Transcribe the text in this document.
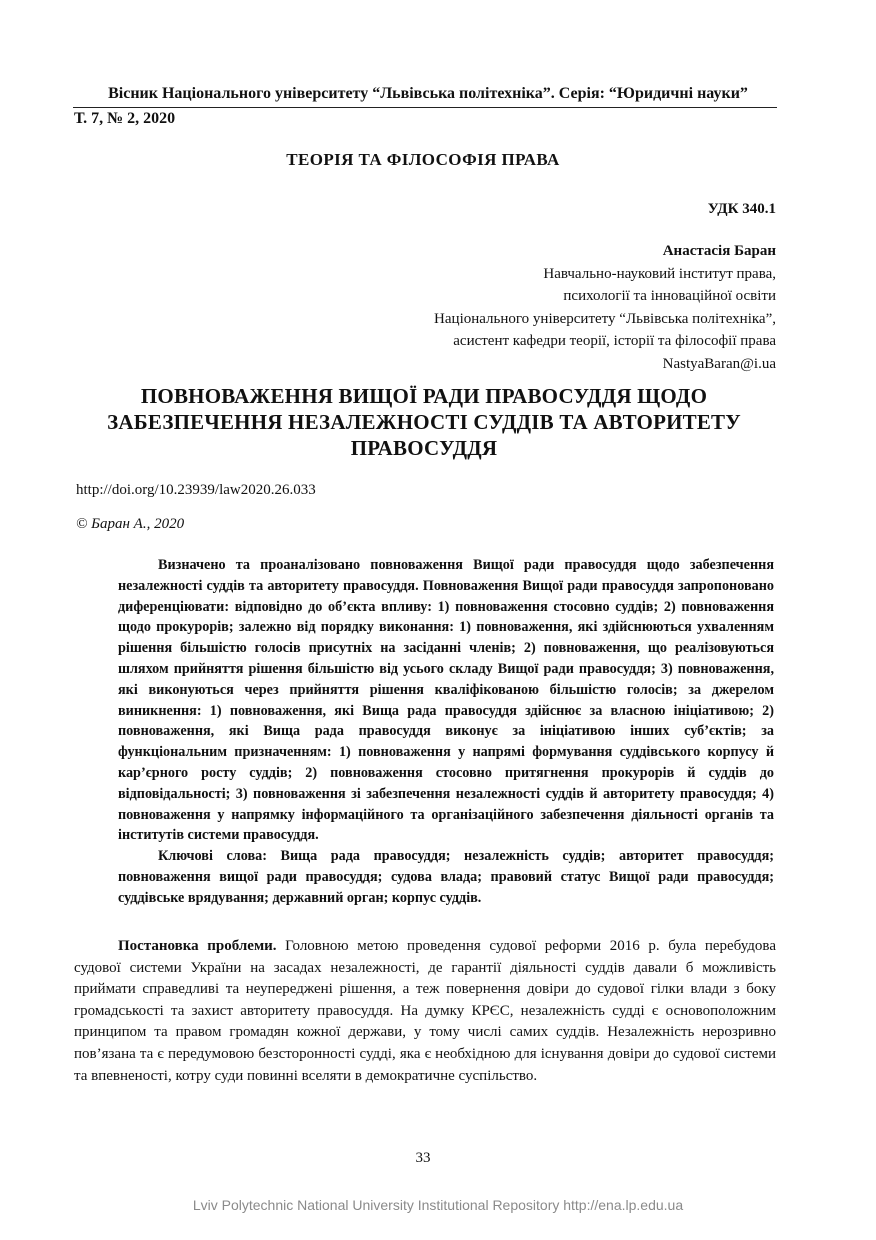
Вісник Національного університету “Львівська політехніка”. Серія: “Юридичні науки”
Т. 7, № 2, 2020
ТЕОРІЯ ТА ФІЛОСОФІЯ ПРАВА
УДК 340.1
Анастасія Баран
Навчально-науковий інститут права,
психології та інноваційної освіти
Національного університету “Львівська політехніка”,
асистент кафедри теорії, історії та філософії права
NastyaBaran@i.ua
ПОВНОВАЖЕННЯ ВИЩОЇ РАДИ ПРАВОСУДДЯ ЩОДО
ЗАБЕЗПЕЧЕННЯ НЕЗАЛЕЖНОСТІ СУДДІВ ТА АВТОРИТЕТУ
ПРАВОСУДДЯ
http://doi.org/10.23939/law2020.26.033
© Баран А., 2020

Визначено та проаналізовано повноваження Вищої ради правосуддя щодо забезпечення незалежності суддів та авторитету правосуддя. Повноваження Вищої ради правосуддя запропоновано диференціювати: відповідно до об’єкта впливу: 1) повноваження стосовно суддів; 2) повноваження щодо прокурорів; залежно від порядку виконання: 1) повноваження, які здійснюються ухваленням рішення більшістю голосів присутніх на засіданні членів; 2) повноваження, що реалізовуються шляхом прийняття рішення більшістю від усього складу Вищої ради правосуддя; 3) повноваження, які виконуються через прийняття рішення кваліфікованою більшістю голосів; за джерелом виникнення: 1) повноваження, які Вища рада правосуддя здійснює за власною ініціативою; 2) повноваження, які Вища рада правосуддя виконує за ініціативою інших суб’єктів; за функціональним призначенням: 1) повноваження у напрямі формування суддівського корпусу й кар’єрного росту суддів; 2) повноваження стосовно притягнення прокурорів й суддів до відповідальності; 3) повноваження зі забезпечення незалежності суддів й авторитету правосуддя; 4) повноваження у напрямку інформаційного та організаційного забезпечення діяльності органів та інститутів системи правосуддя.

Ключові слова: Вища рада правосуддя; незалежність суддів; авторитет правосуддя; повноваження вищої ради правосуддя; судова влада; правовий статус Вищої ради правосуддя; суддівське врядування; державний орган; корпус суддів.

Постановка проблеми. Головною метою проведення судової реформи 2016 р. була перебудова судової системи України на засадах незалежності, де гарантії діяльності суддів давали б можливість приймати справедливі та неупереджені рішення, а теж повернення довіри до судової гілки влади з боку громадськості та захист авторитету правосуддя. На думку КРЄС, незалежність судді є основоположним принципом та правом громадян кожної держави, у тому числі самих суддів. Незалежність нерозривно пов’язана та є передумовою безсторонності судді, яка є необхідною для існування довіри до судової системи та впевненості, котру суди повинні вселяти в демократичне суспільство.

33
Lviv Polytechnic National University Institutional Repository http://ena.lp.edu.ua
